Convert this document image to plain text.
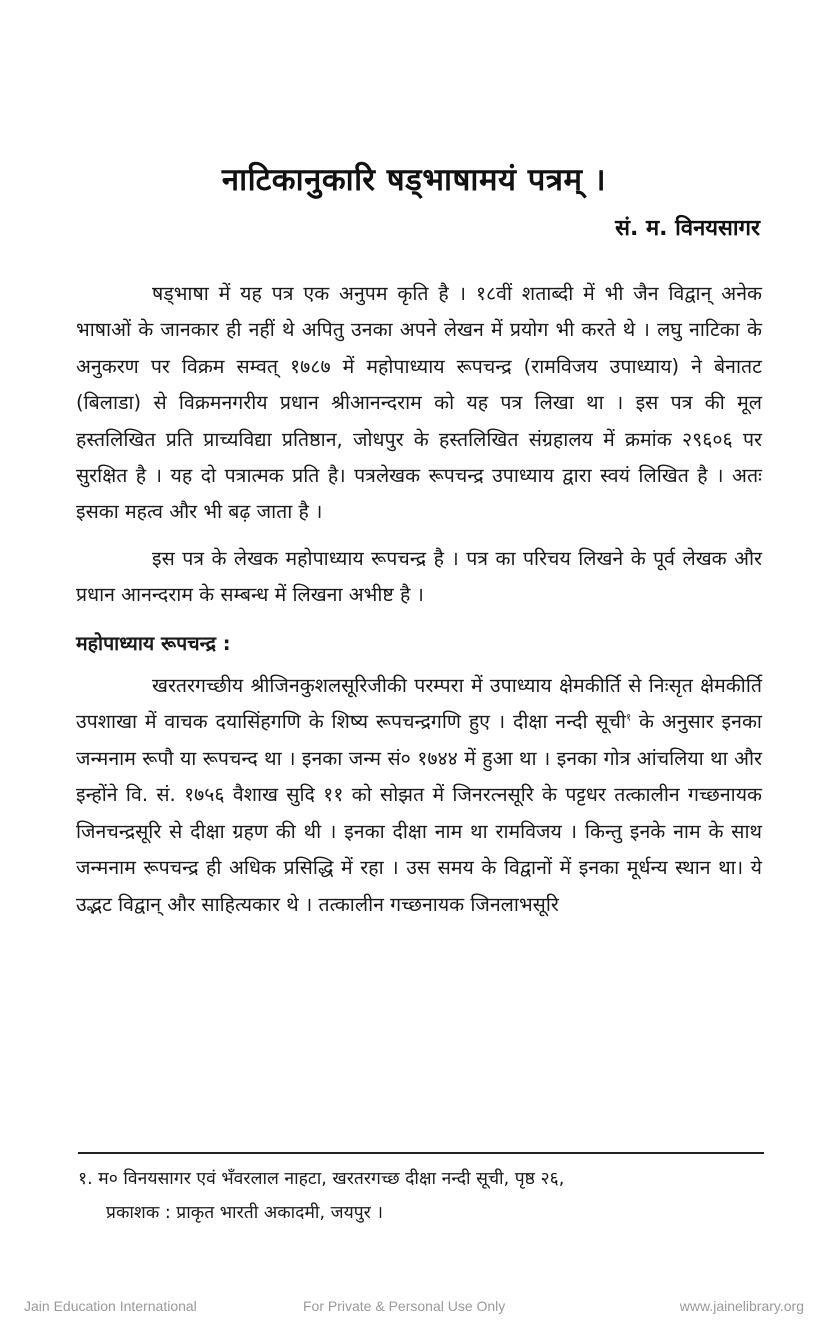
नाटिकानुकारि षड्भाषामयं पत्रम् ।
सं. म. विनयसागर

षड्भाषा में यह पत्र एक अनुपम कृति है । १८वीं शताब्दी में भी जैन विद्वान् अनेक भाषाओं के जानकार ही नहीं थे अपितु उनका अपने लेखन में प्रयोग भी करते थे । लघु नाटिका के अनुकरण पर विक्रम सम्वत् १७८७ में महोपाध्याय रूपचन्द्र (रामविजय उपाध्याय) ने बेनातट (बिलाडा) से विक्रमनगरीय प्रधान श्रीआनन्दराम को यह पत्र लिखा था । इस पत्र की मूल हस्तलिखित प्रति प्राच्यविद्या प्रतिष्ठान, जोधपुर के हस्तलिखित संग्रहालय में क्रमांक २९६०६ पर सुरक्षित है । यह दो पत्रात्मक प्रति है। पत्रलेखक रूपचन्द्र उपाध्याय द्वारा स्वयं लिखित है । अतः इसका महत्व और भी बढ़ जाता है ।

इस पत्र के लेखक महोपाध्याय रूपचन्द्र है । पत्र का परिचय लिखने के पूर्व लेखक और प्रधान आनन्दराम के सम्बन्ध में लिखना अभीष्ट है ।

महोपाध्याय रूपचन्द्र :

खरतरगच्छीय श्रीजिनकुशलसूरिजीकी परम्परा में उपाध्याय क्षेमकीर्ति से निःसृत क्षेमकीर्ति उपशाखा में वाचक दयासिंहगणि के शिष्य रूपचन्द्रगणि हुए । दीक्षा नन्दी सूची$^१$ के अनुसार इनका जन्मनाम रूपौ या रूपचन्द था । इनका जन्म सं० १७४४ में हुआ था । इनका गोत्र आंचलिया था और इन्होंने वि. सं. १७५६ वैशाख सुदि ११ को सोझत में जिनरत्नसूरि के पट्टधर तत्कालीन गच्छनायक जिनचन्द्रसूरि से दीक्षा ग्रहण की थी । इनका दीक्षा नाम था रामविजय । किन्तु इनके नाम के साथ जन्मनाम रूपचन्द्र ही अधिक प्रसिद्धि में रहा । उस समय के विद्वानों में इनका मूर्धन्य स्थान था। ये उद्भट विद्वान् और साहित्यकार थे । तत्कालीन गच्छनायक जिनलाभसूरि

१. म० विनयसागर एवं भँवरलाल नाहटा, खरतरगच्छ दीक्षा नन्दी सूची, पृष्ठ २६,
प्रकाशक : प्राकृत भारती अकादमी, जयपुर ।
Jain Education International	For Private & Personal Use Only	www.jainelibrary.org
